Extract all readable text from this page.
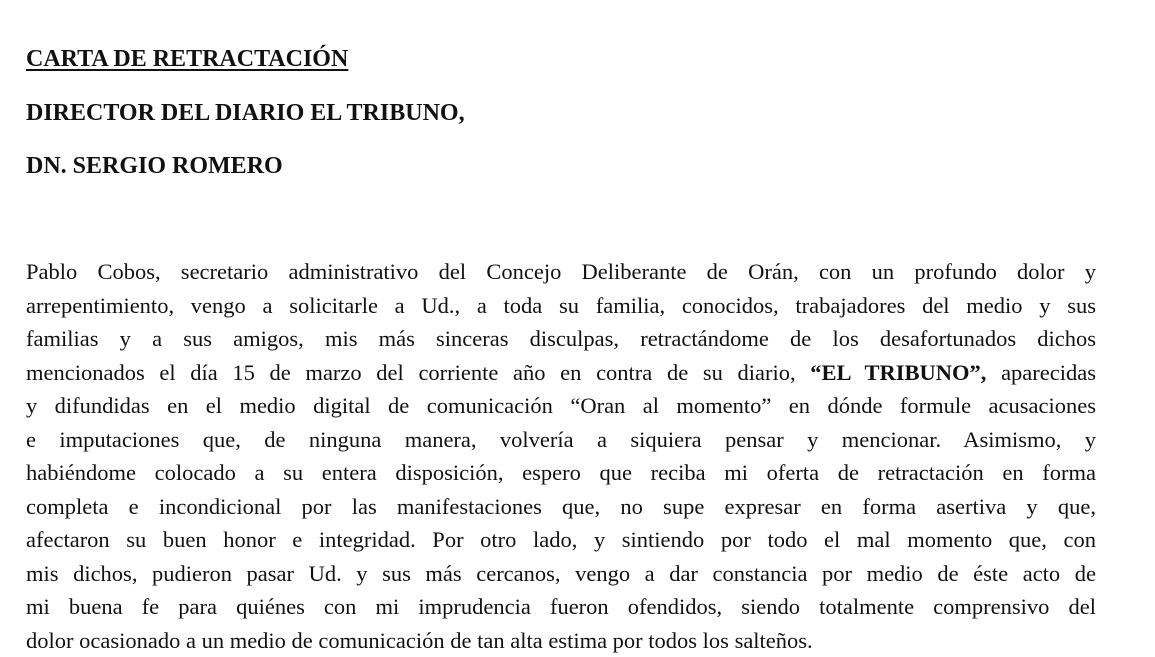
CARTA DE RETRACTACIÓN
DIRECTOR DEL DIARIO EL TRIBUNO,
DN. SERGIO ROMERO

Pablo Cobos, secretario administrativo del Concejo Deliberante de Orán, con un profundo dolor y
arrepentimiento, vengo a solicitarle a Ud., a toda su familia, conocidos, trabajadores del medio y sus
familias y a sus amigos, mis más sinceras disculpas, retractándome de los desafortunados dichos
mencionados el día 15 de marzo del corriente año en contra de su diario, “EL TRIBUNO”, aparecidas
y difundidas en el medio digital de comunicación “Oran al momento” en dónde formule acusaciones
e imputaciones que, de ninguna manera, volvería a siquiera pensar y mencionar. Asimismo, y
habiéndome colocado a su entera disposición, espero que reciba mi oferta de retractación en forma
completa e incondicional por las manifestaciones que, no supe expresar en forma asertiva y que,
afectaron su buen honor e integridad. Por otro lado, y sintiendo por todo el mal momento que, con
mis dichos, pudieron pasar Ud. y sus más cercanos, vengo a dar constancia por medio de éste acto de
mi buena fe para quiénes con mi imprudencia fueron ofendidos, siendo totalmente comprensivo del
dolor ocasionado a un medio de comunicación de tan alta estima por todos los salteños.
